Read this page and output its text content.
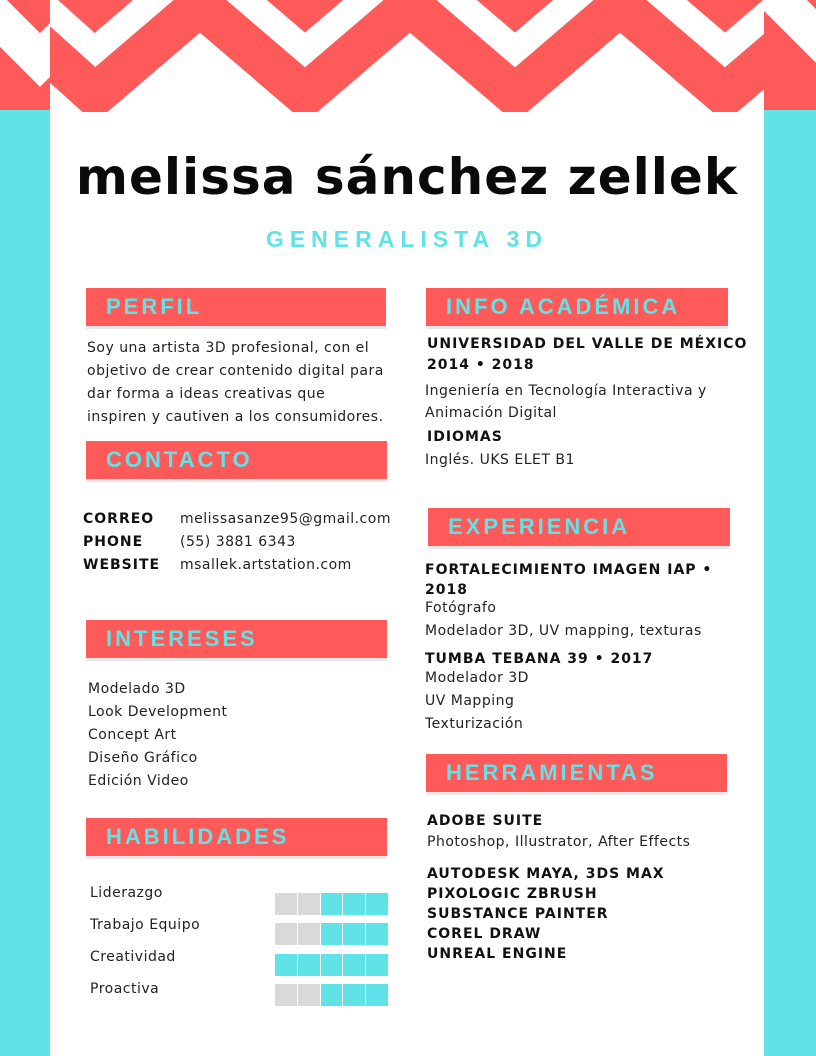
melissa sánchez zellek
GENERALISTA 3D
PERFIL
Soy una artista 3D profesional, con el objetivo de crear contenido digital para dar forma a ideas creativas que inspiren y cautiven a los consumidores.
CONTACTO
CORREO melissasanze95@gmail.com
PHONE	(55) 3881 6343
WEBSITE msallek.artstation.com
INTERESES
Modelado 3D
Look Development
Concept Art
Diseño Gráfico
Edición Video
HABILIDADES
Liderazgo
Trabajo Equipo
Creatividad
Proactiva
INFO ACADÉMICA
UNIVERSIDAD DEL VALLE DE MÉXICO
2014 • 2018
Ingeniería en Tecnología Interactiva y
Animación Digital
IDIOMAS
Inglés. UKS ELET B1
EXPERIENCIA
FORTALECIMIENTO IMAGEN IAP •
2018
Fotógrafo
Modelador 3D, UV mapping, texturas
TUMBA TEBANA 39 • 2017
Modelador 3D
UV Mapping
Texturización
HERRAMIENTAS
ADOBE SUITE
Photoshop, Illustrator, After Effects
AUTODESK MAYA, 3DS MAX
PIXOLOGIC ZBRUSH
SUBSTANCE PAINTER
COREL DRAW
UNREAL ENGINE
